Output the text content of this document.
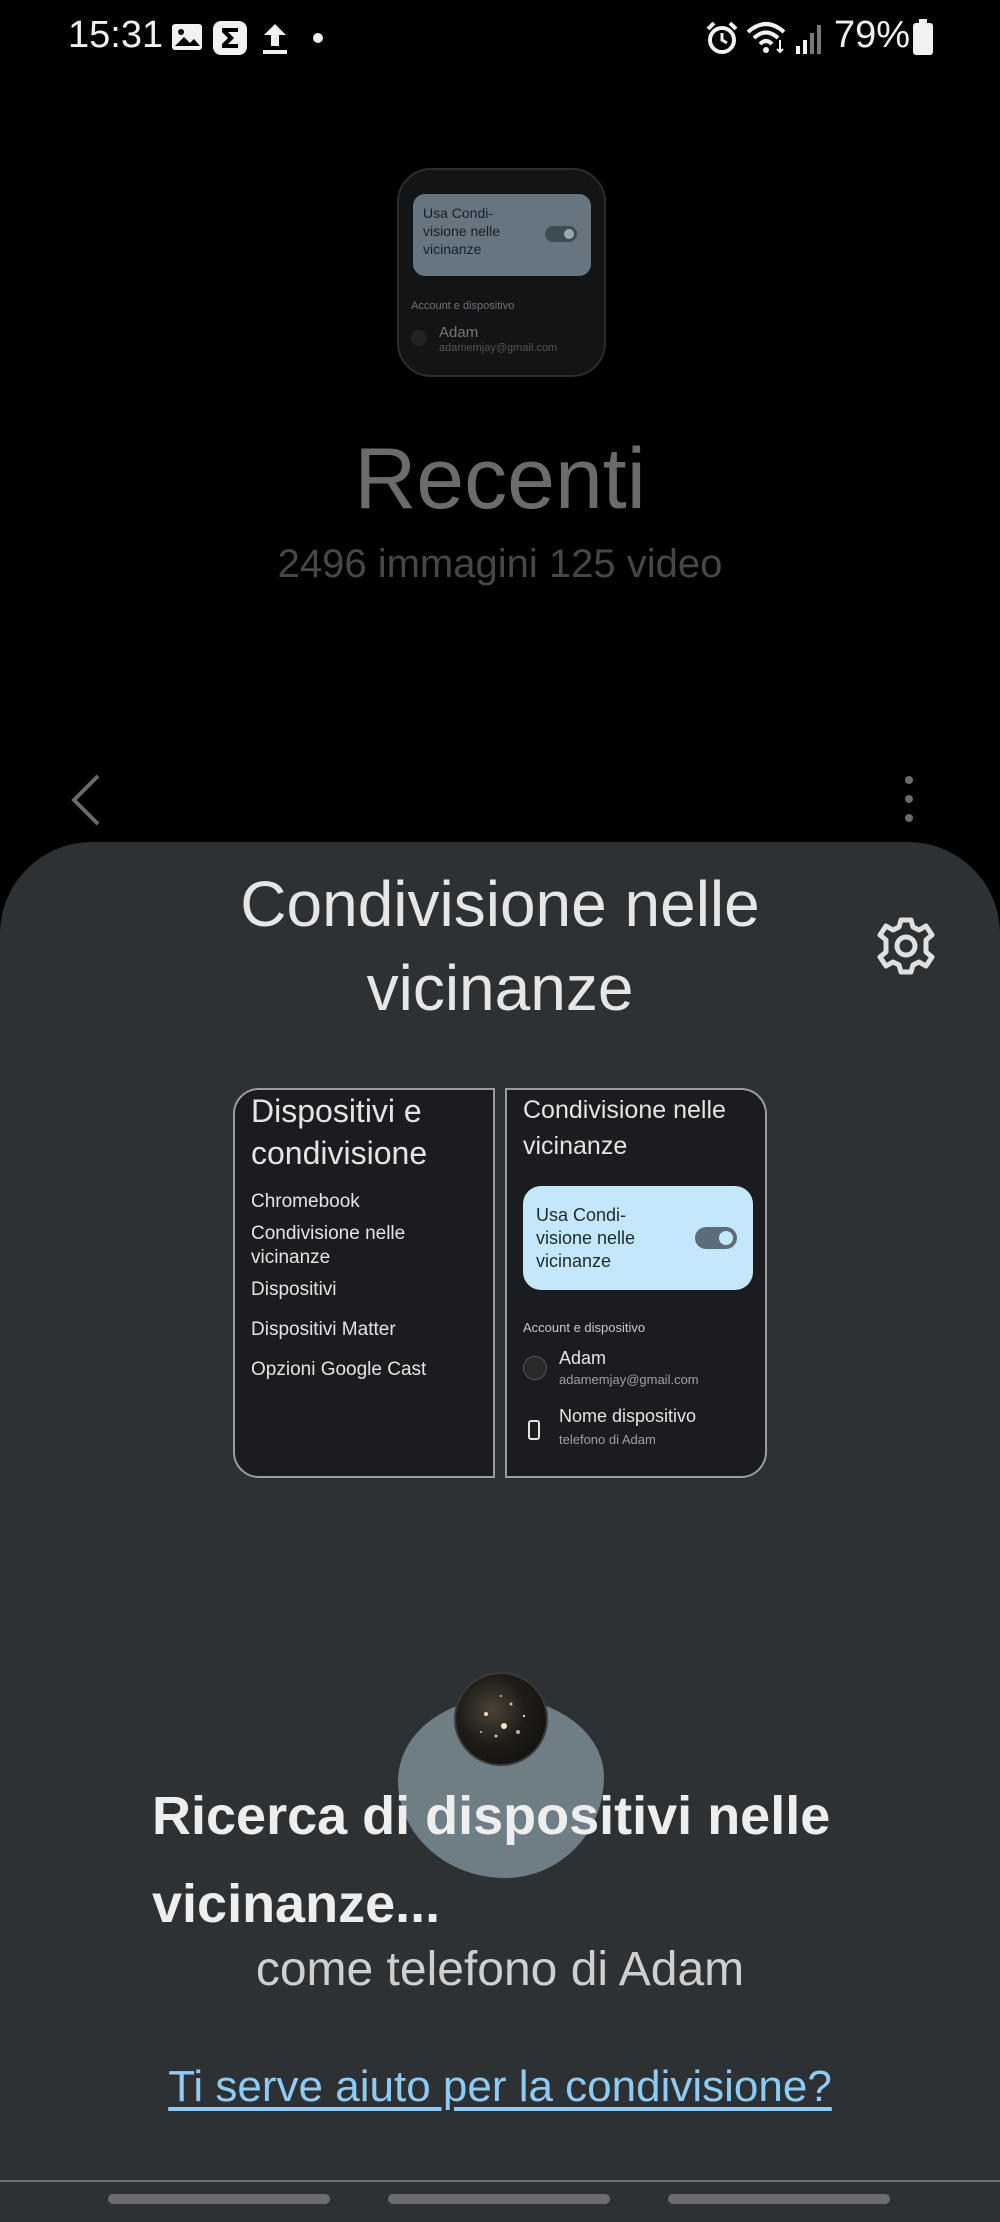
15:31	79%
Usa Condi-visione nelle vicinanze
Account e dispositivo
Adam
adamemjay@gmail.com
Recenti
2496 immagini 125 video
Condivisione nelle vicinanze
Dispositivi e condivisione
Chromebook
Condivisione nelle vicinanze
Dispositivi
Dispositivi Matter
Opzioni Google Cast
Condivisione nelle vicinanze
Usa Condi-visione nelle vicinanze
Account e dispositivo
Adam
adamemjay@gmail.com
Nome dispositivo
telefono di Adam
Ricerca di dispositivi nelle vicinanze...
come telefono di Adam
Ti serve aiuto per la condivisione?
